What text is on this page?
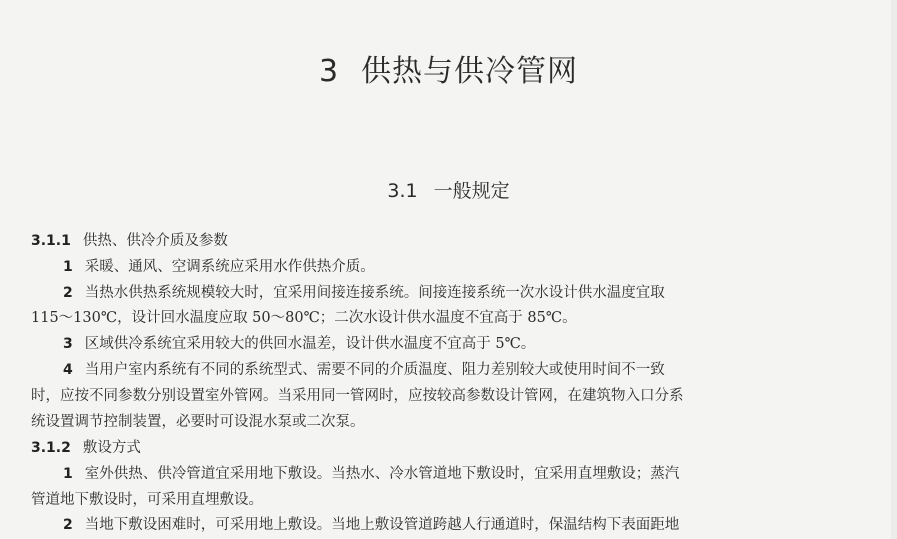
3 供热与供冷管网
3.1 一般规定
3.1.1 供热、供冷介质及参数
1 采暖、通风、空调系统应采用水作供热介质。
2 当热水供热系统规模较大时，宜采用间接连接系统。间接连接系统一次水设计供水温度宜取
115～130℃，设计回水温度应取 50～80℃；二次水设计供水温度不宜高于 85℃。
3 区域供冷系统宜采用较大的供回水温差，设计供水温度不宜高于 5℃。
4 当用户室内系统有不同的系统型式、需要不同的介质温度、阻力差别较大或使用时间不一致
时，应按不同参数分别设置室外管网。当采用同一管网时，应按较高参数设计管网，在建筑物入口分系
统设置调节控制装置，必要时可设混水泵或二次泵。
3.1.2 敷设方式
1 室外供热、供冷管道宜采用地下敷设。当热水、冷水管道地下敷设时，宜采用直埋敷设；蒸汽
管道地下敷设时，可采用直埋敷设。
2 当地下敷设困难时，可采用地上敷设。当地上敷设管道跨越人行通道时，保温结构下表面距地
